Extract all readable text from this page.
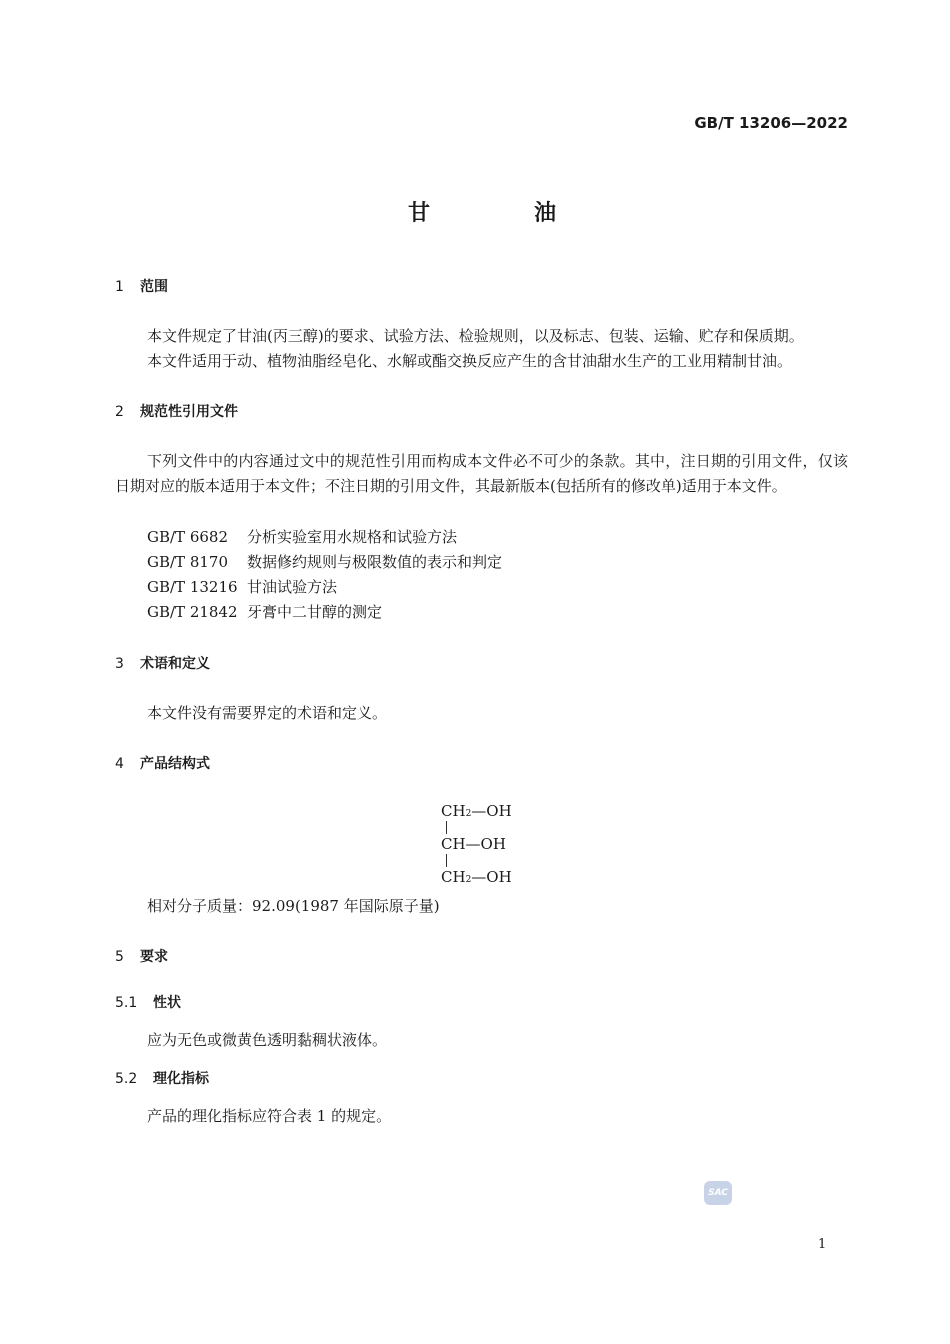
GB/T 13206—2022
甘	油
1 范围
本文件规定了甘油(丙三醇)的要求、试验方法、检验规则，以及标志、包装、运输、贮存和保质期。
本文件适用于动、植物油脂经皂化、水解或酯交换反应产生的含甘油甜水生产的工业用精制甘油。
2 规范性引用文件
下列文件中的内容通过文中的规范性引用而构成本文件必不可少的条款。其中，注日期的引用文件，仅该日期对应的版本适用于本文件；不注日期的引用文件，其最新版本(包括所有的修改单)适用于本文件。
GB/T 6682 分析实验室用水规格和试验方法
GB/T 8170 数据修约规则与极限数值的表示和判定
GB/T 13216 甘油试验方法
GB/T 21842 牙膏中二甘醇的测定
3 术语和定义
本文件没有需要界定的术语和定义。
4 产品结构式
CH2—OH
CH—OH
CH2—OH
相对分子质量：92.09(1987 年国际原子量)
5 要求
5.1 性状
应为无色或微黄色透明黏稠状液体。
5.2 理化指标
产品的理化指标应符合表 1 的规定。
SAC
1
